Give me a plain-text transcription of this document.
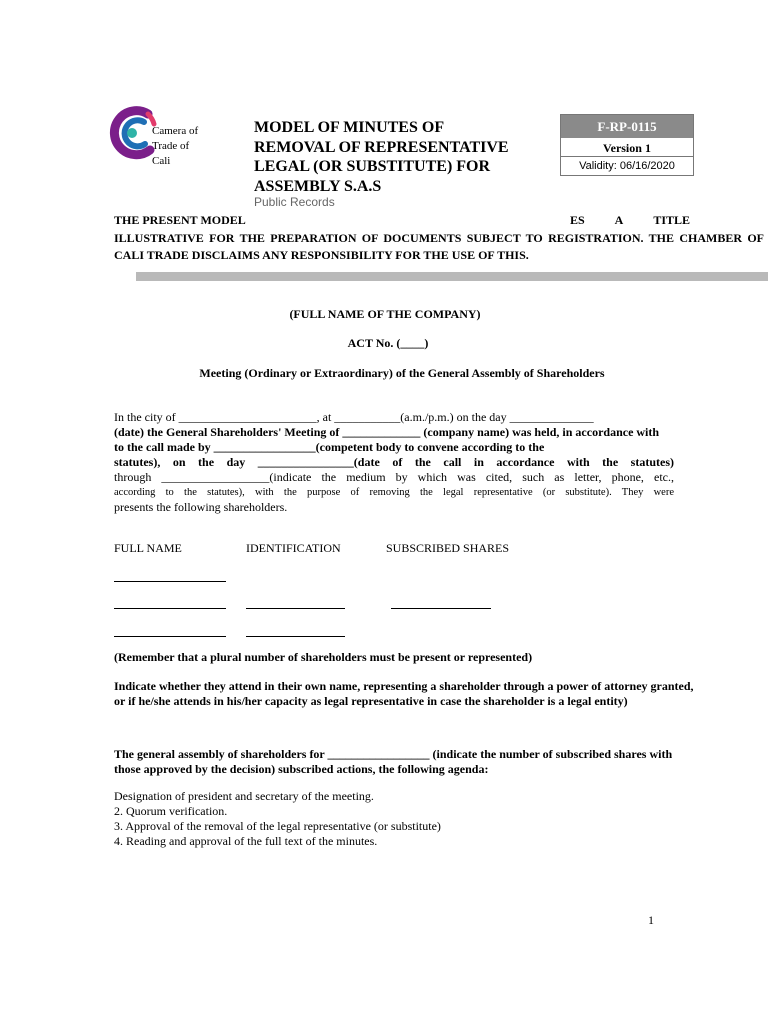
Camera of
Trade of
Cali
MODEL OF MINUTES OF
REMOVAL OF REPRESENTATIVE
LEGAL (OR SUBSTITUTE) FOR
ASSEMBLY S.A.S
Public Records
F-RP-0115
Version 1
Validity: 06/16/2020
THE PRESENT MODEL	ES	A	TITLE
ILLUSTRATIVE FOR THE PREPARATION OF DOCUMENTS SUBJECT TO REGISTRATION. THE CHAMBER OF
CALI TRADE DISCLAIMS ANY RESPONSIBILITY FOR THE USE OF THIS.
(FULL NAME OF THE COMPANY)
ACT No. (____)
Meeting (Ordinary or Extraordinary) of the General Assembly of Shareholders
In the city of _______________________, at ___________(a.m./p.m.) on the day ______________
(date) the General Shareholders' Meeting of _____________ (company name) was held, in accordance with
to the call made by _________________(competent body to convene according to the
statutes), on the day ________________(date of the call in accordance with the statutes)
through __________________(indicate the medium by which was cited, such as letter, phone, etc.,
according to the statutes), with the purpose of removing the legal representative (or substitute). They were
presents the following shareholders.
FULL NAME	IDENTIFICATION	SUBSCRIBED SHARES
(Remember that a plural number of shareholders must be present or represented)
Indicate whether they attend in their own name, representing a shareholder through a power of attorney granted,
or if he/she attends in his/her capacity as legal representative in case the shareholder is a legal entity)
The general assembly of shareholders for _________________ (indicate the number of subscribed shares with
those approved by the decision) subscribed actions, the following agenda:
Designation of president and secretary of the meeting.
2. Quorum verification.
3. Approval of the removal of the legal representative (or substitute)
4. Reading and approval of the full text of the minutes.
1
